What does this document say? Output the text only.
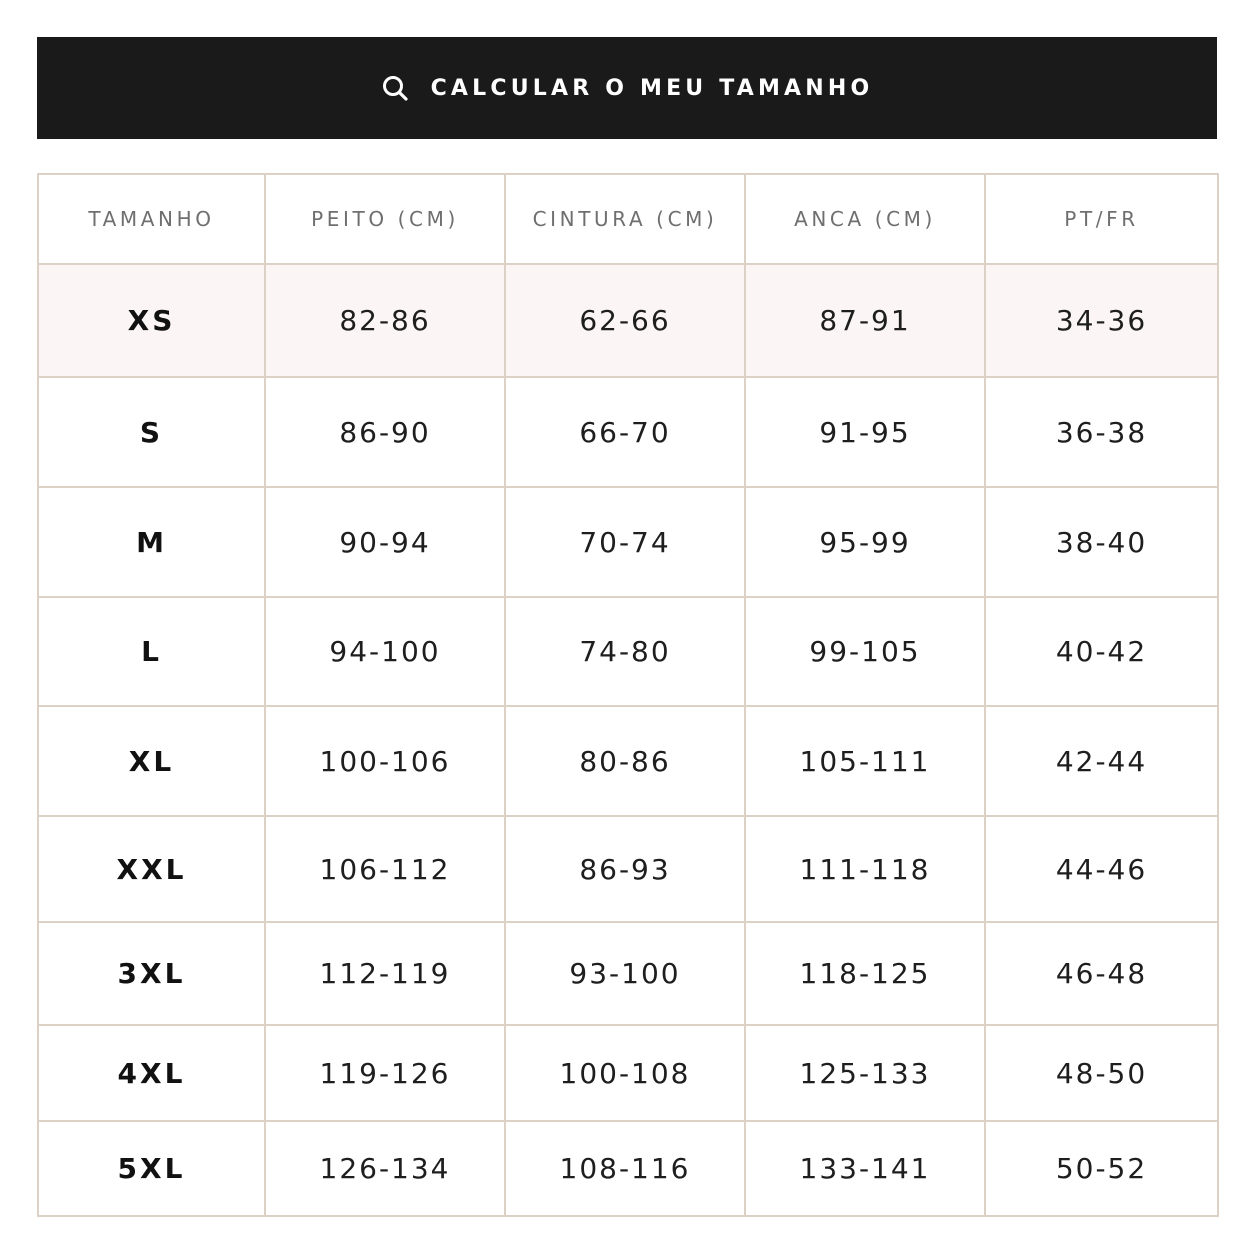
CALCULAR O MEU TAMANHO
TAMANHO	PEITO (CM)	CINTURA (CM)	ANCA (CM)	PT/FR
XS	82-86	62-66	87-91	34-36
S	86-90	66-70	91-95	36-38
M	90-94	70-74	95-99	38-40
L	94-100	74-80	99-105	40-42
XL	100-106	80-86	105-111	42-44
XXL	106-112	86-93	111-118	44-46
3XL	112-119	93-100	118-125	46-48
4XL	119-126	100-108	125-133	48-50
5XL	126-134	108-116	133-141	50-52
